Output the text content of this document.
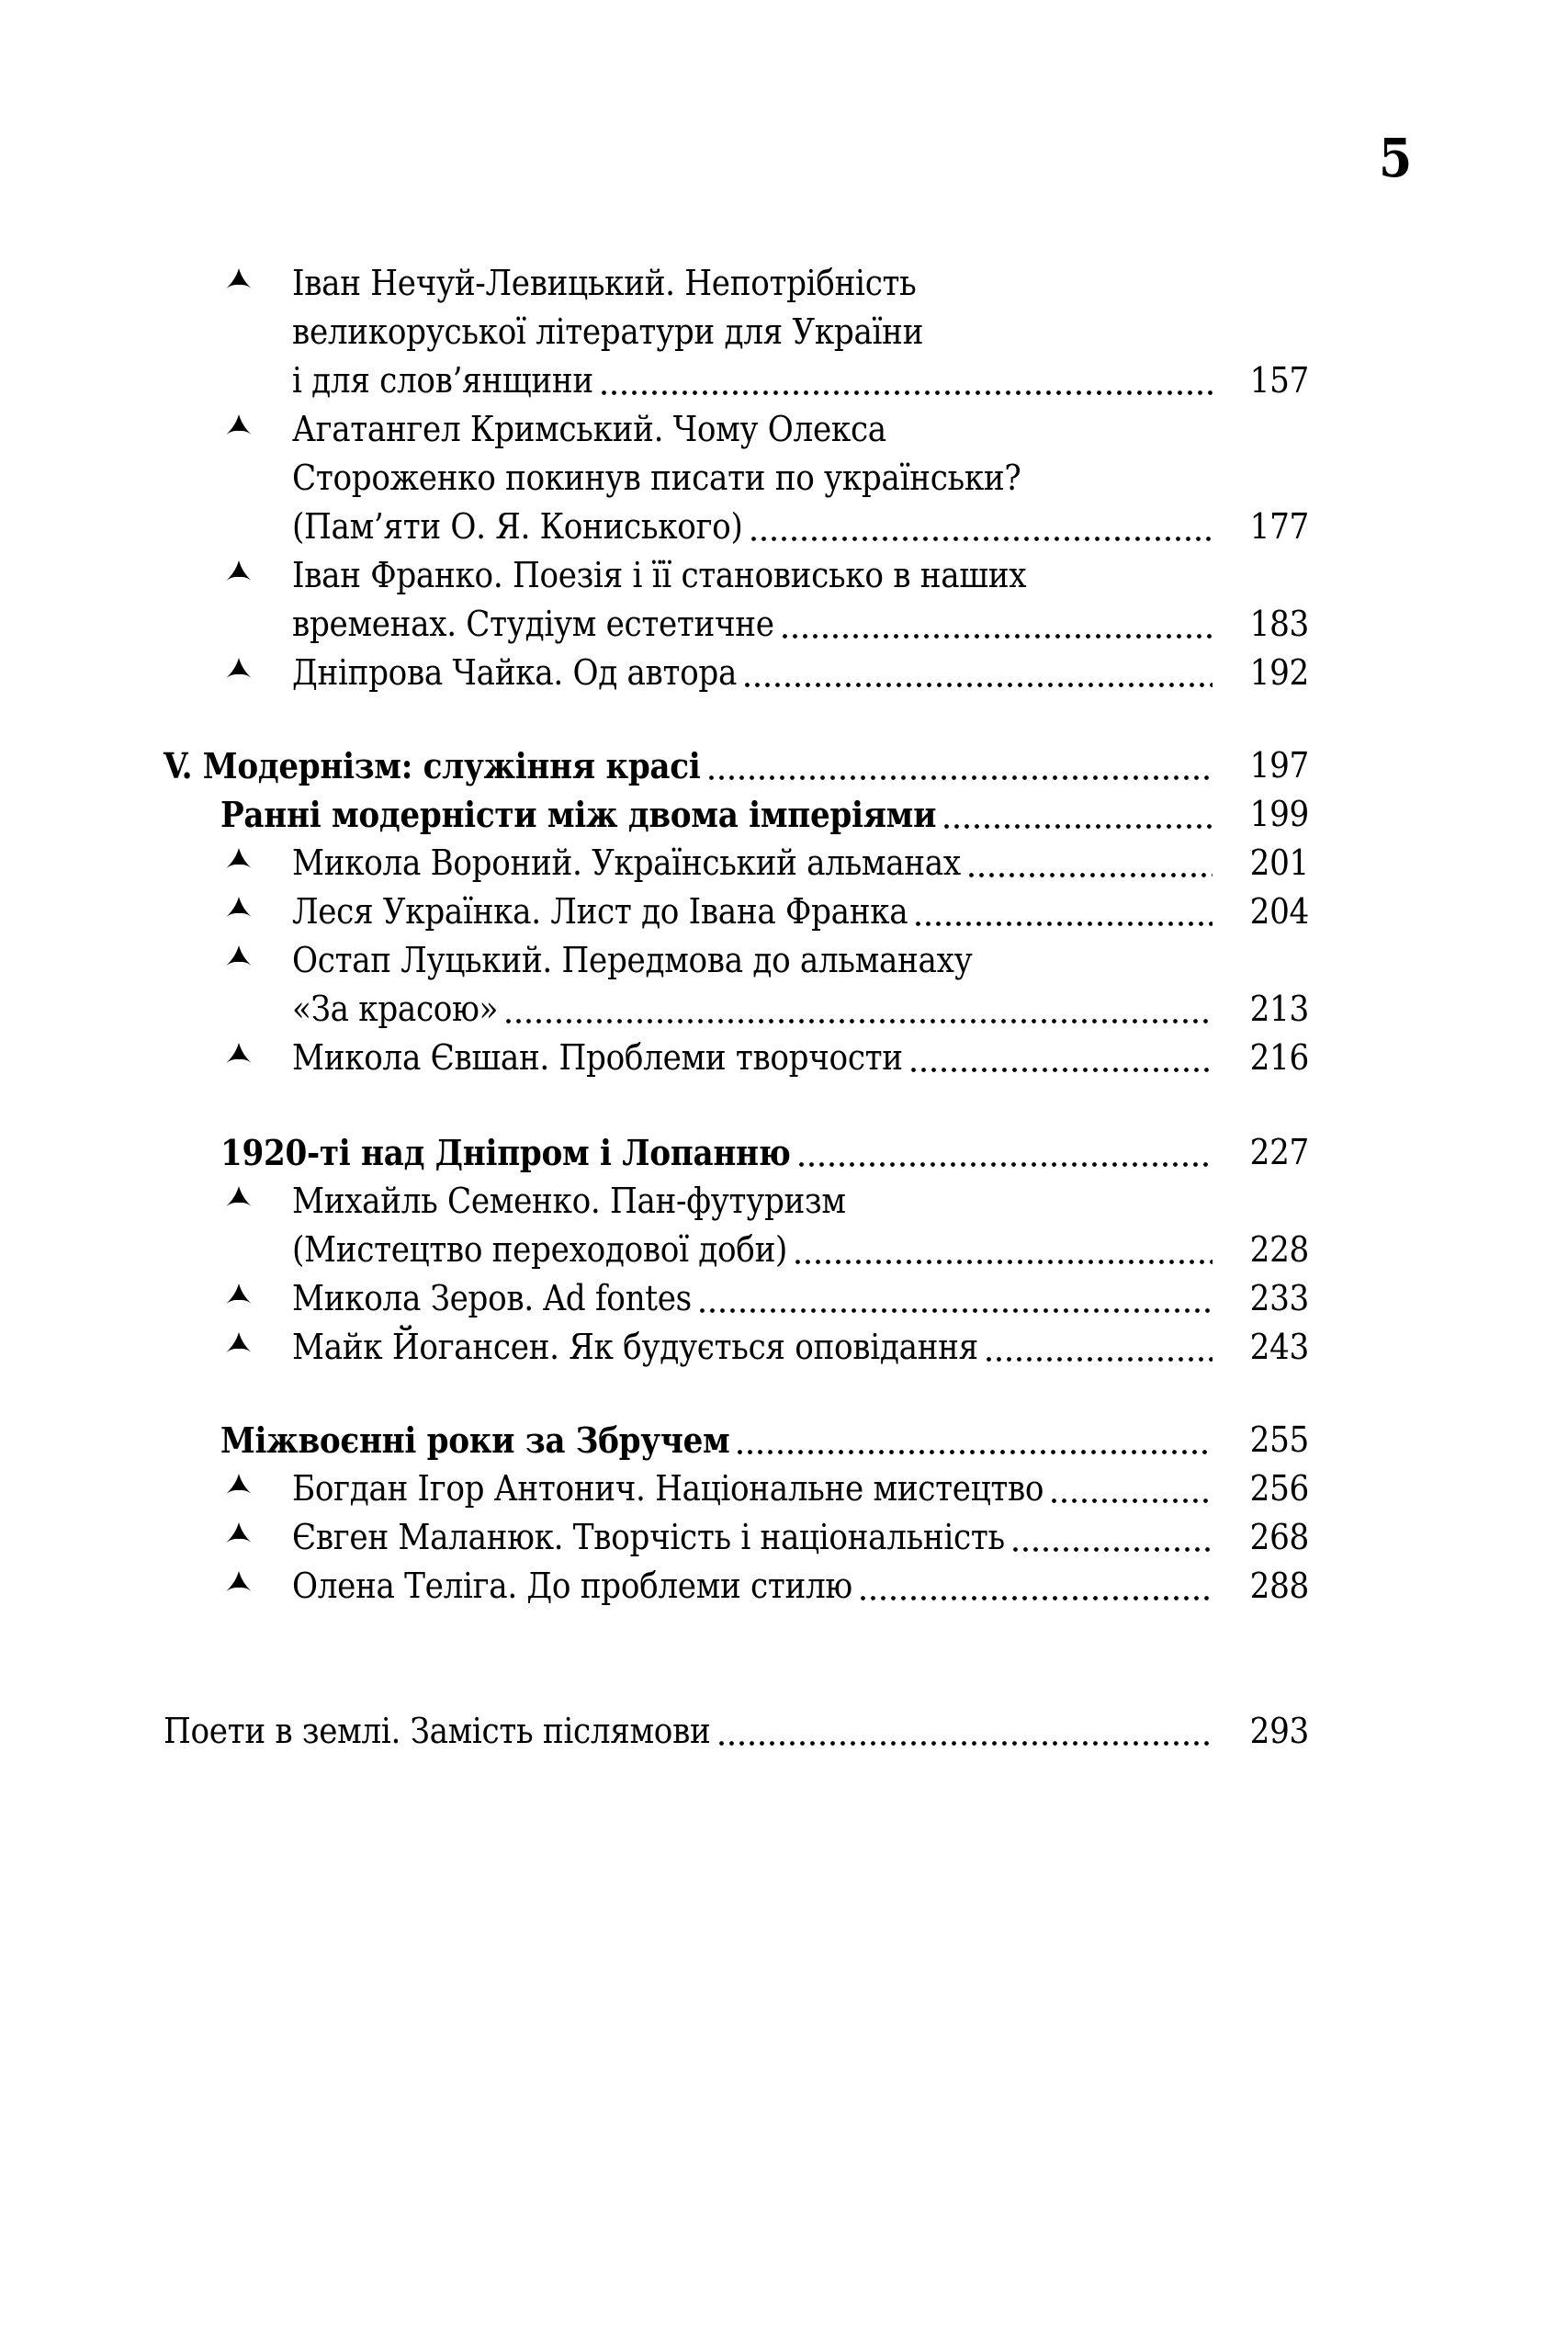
5
Іван Нечуй-Левицький. Непотрібність
великоруської літератури для України
і для слов’янщини	157
Агатангел Кримський. Чому Олекса
Стороженко покинув писати по українськи?
(Пам’яти О. Я. Кониського)	177
Іван Франко. Поезія і її становисько в наших
временах. Студіум естетичне	183
Дніпрова Чайка. Од автора	192
V. Модернізм: служіння красі	197
Ранні модерністи між двома імперіями	199
Микола Вороний. Український альманах	201
Леся Українка. Лист до Івана Франка	204
Остап Луцький. Передмова до альманаху
«За красою»	213
Микола Євшан. Проблеми творчости	216
1920-ті над Дніпром і Лопанню	227
Михайль Семенко. Пан-футуризм
(Мистецтво переходової доби)	228
Микола Зеров. Ad fontes	233
Майк Йогансен. Як будується оповідання	243
Міжвоєнні роки за Збручем	255
Богдан Ігор Антонич. Національне мистецтво	256
Євген Маланюк. Творчість і національність	268
Олена Теліга. До проблеми стилю	288
Поети в землі. Замість післямови	293
